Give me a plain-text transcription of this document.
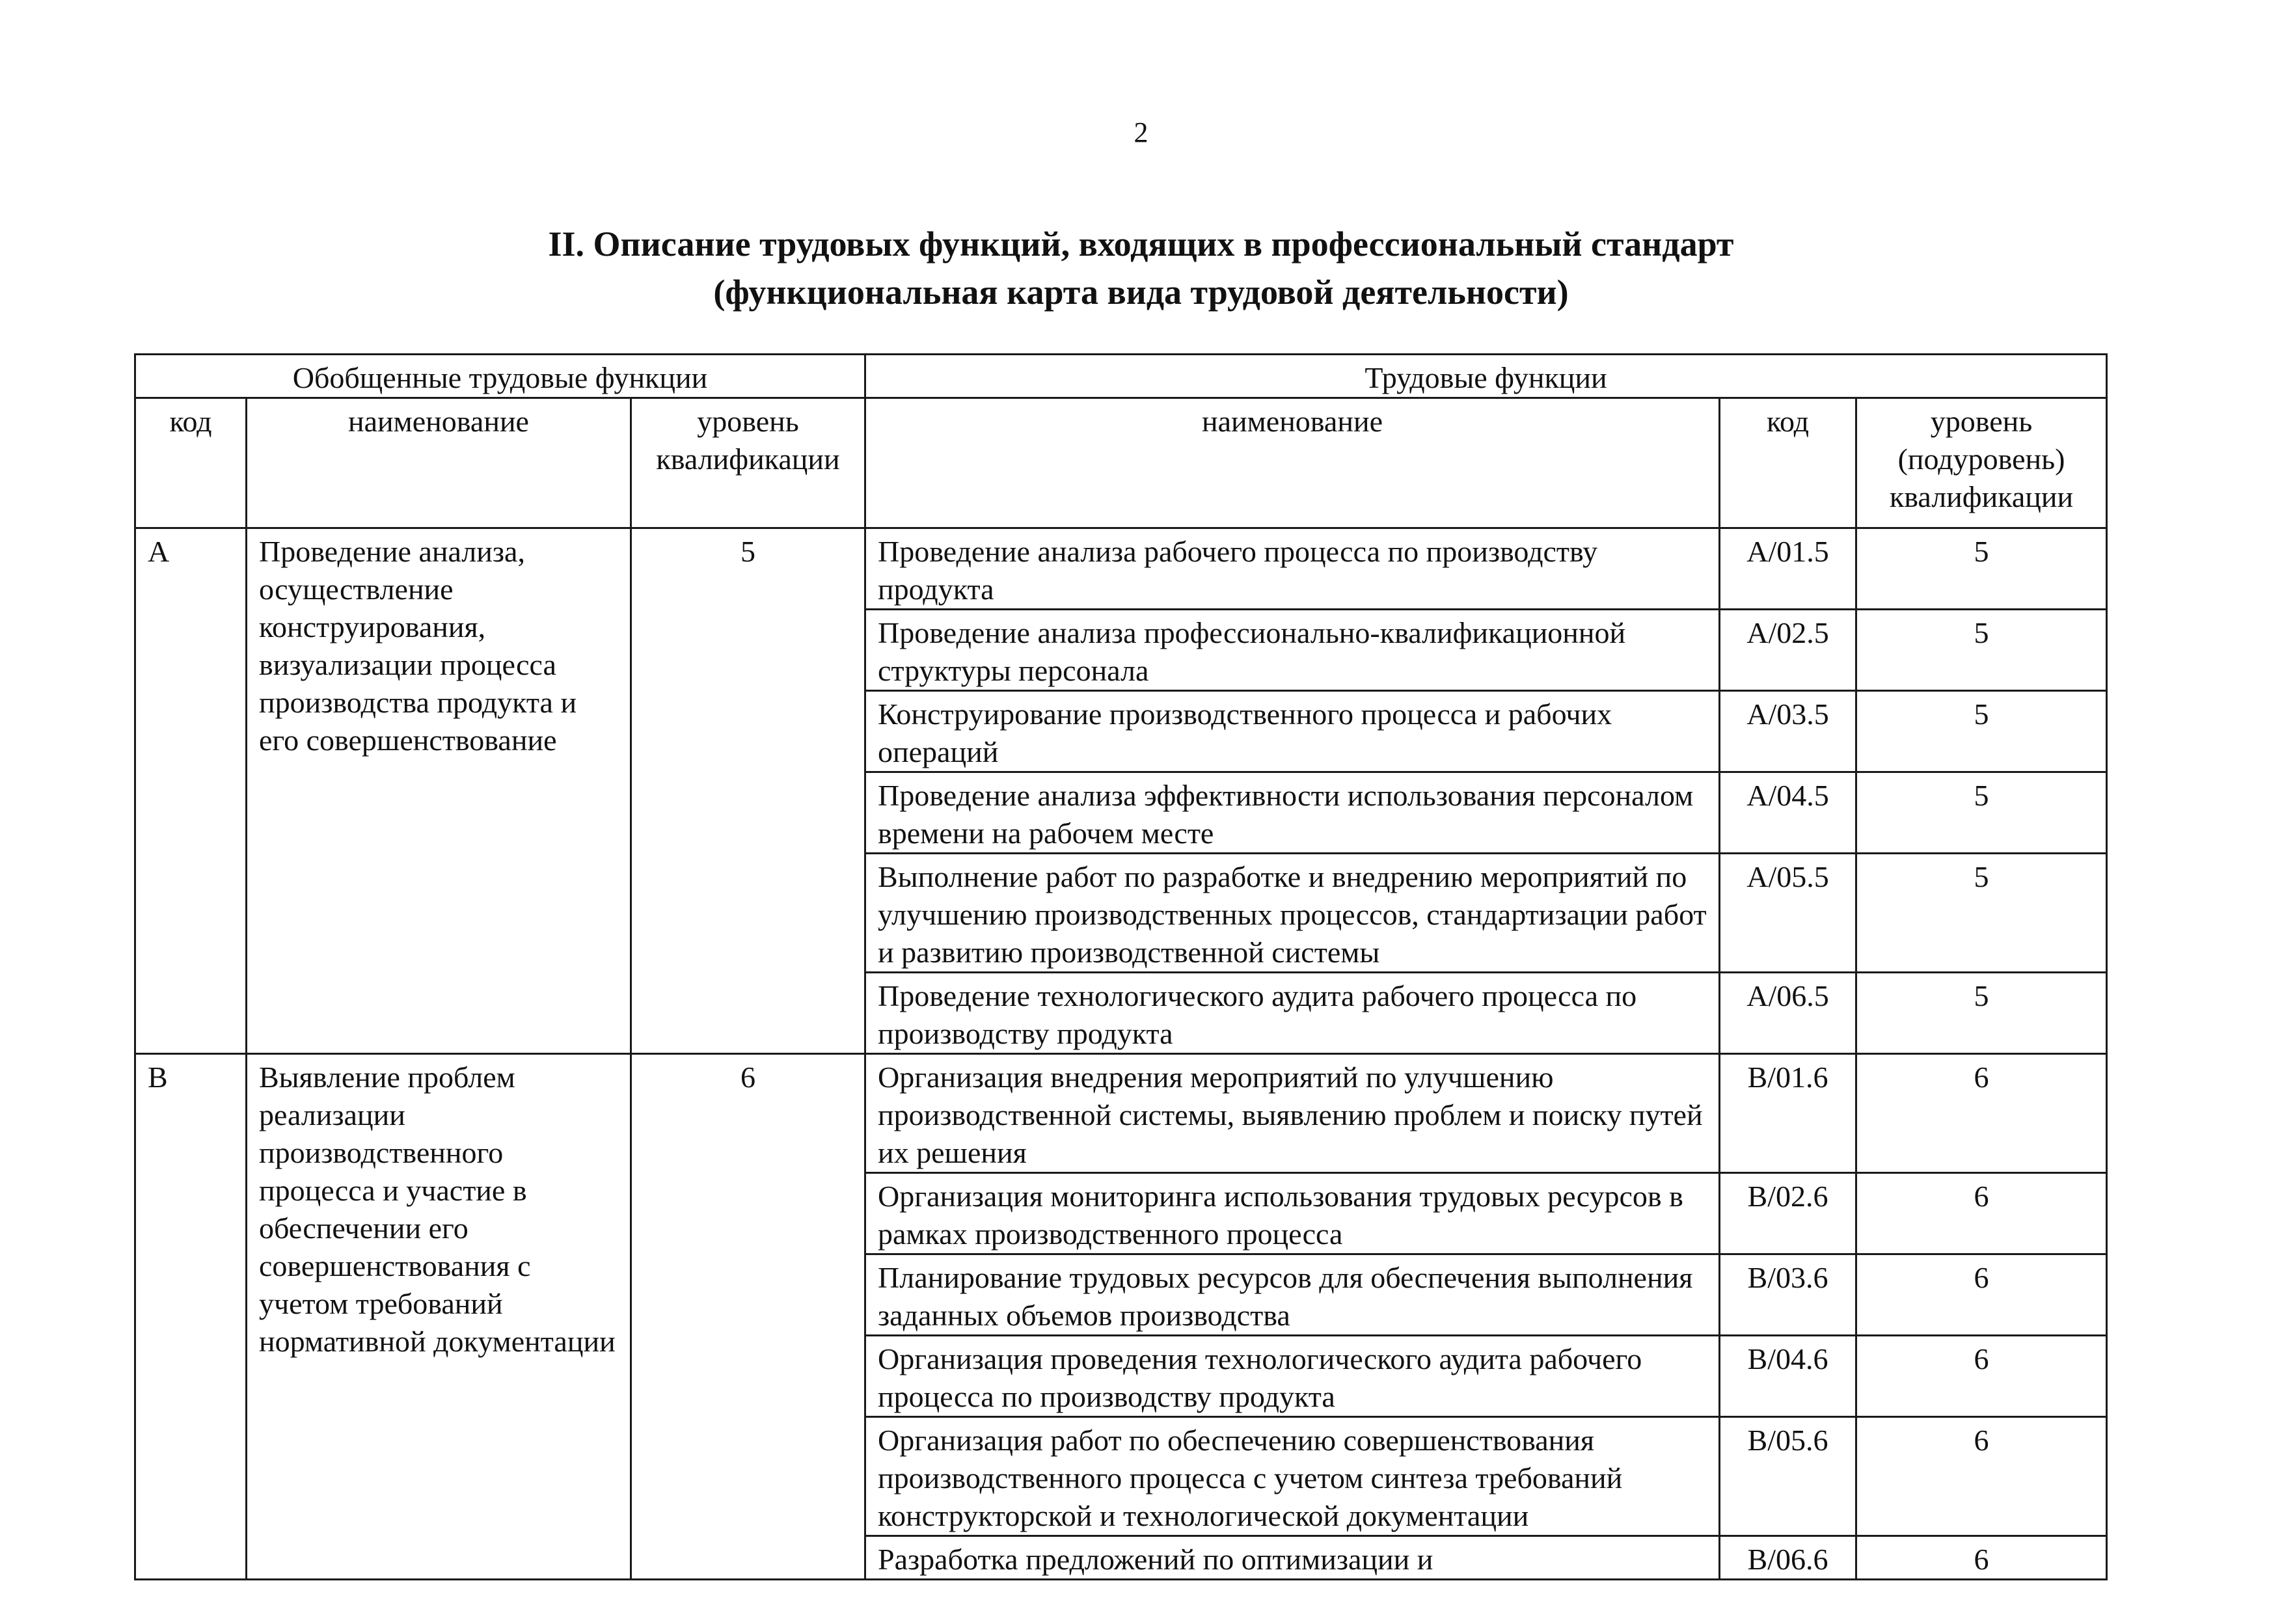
2
II. Описание трудовых функций, входящих в профессиональный стандарт
(функциональная карта вида трудовой деятельности)
Обобщенные трудовые функции			Трудовые функции		
код	наименование	уровень квалификации	наименование	код	уровень (подуровень) квалификации
A	Проведение анализа, осуществление конструирования, визуализации процесса производства продукта и его совершенствование	5	Проведение анализа рабочего процесса по производству продукта	A/01.5	5
			Проведение анализа профессионально-квалификационной структуры персонала	A/02.5	5
			Конструирование производственного процесса и рабочих операций	A/03.5	5
			Проведение анализа эффективности использования персоналом времени на рабочем месте	A/04.5	5
			Выполнение работ по разработке и внедрению мероприятий по улучшению производственных процессов, стандартизации работ и развитию производственной системы	A/05.5	5
			Проведение технологического аудита рабочего процесса по производству продукта	A/06.5	5
B	Выявление проблем реализации производственного процесса и участие в обеспечении его совершенствования с учетом требований нормативной документации	6	Организация внедрения мероприятий по улучшению производственной системы, выявлению проблем и поиску путей их решения	B/01.6	6
			Организация мониторинга использования трудовых ресурсов в рамках производственного процесса	B/02.6	6
			Планирование трудовых ресурсов для обеспечения выполнения заданных объемов производства	B/03.6	6
			Организация проведения технологического аудита рабочего процесса по производству продукта	B/04.6	6
			Организация работ по обеспечению совершенствования производственного процесса с учетом синтеза требований конструкторской и технологической документации	B/05.6	6
			Разработка предложений по оптимизации и	B/06.6	6
